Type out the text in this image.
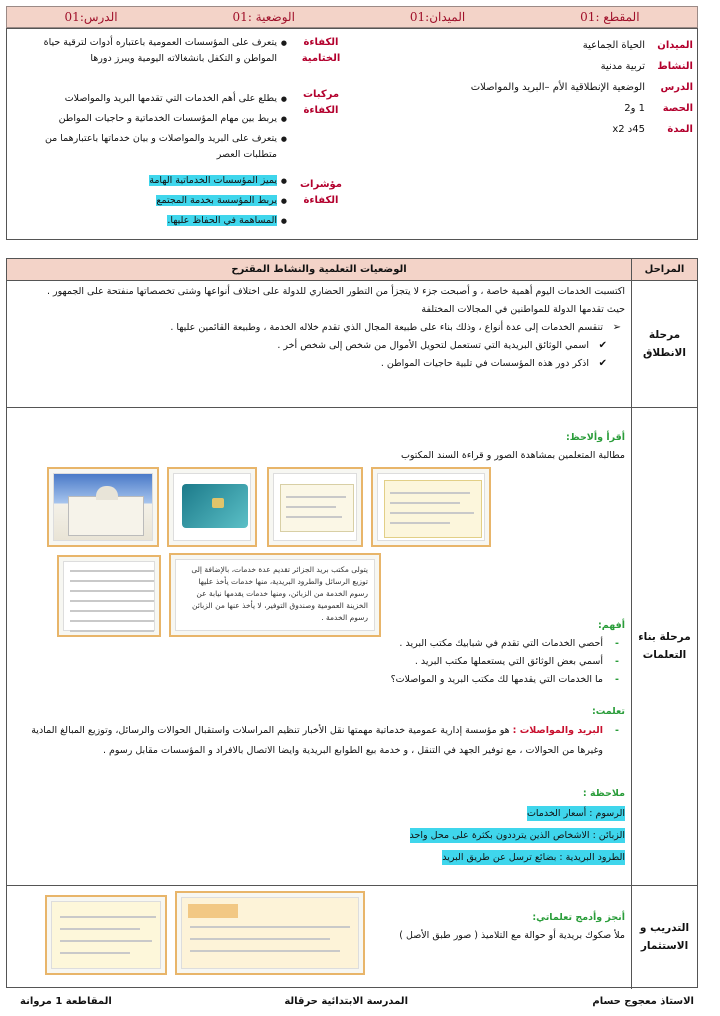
المقطع :01
الميدان:01
الوضعية :01
الدرس:01
الميدان
النشاط
الدرس
الحصة
المدة
الحياة الجماعية
تربية مدنية
الوضعية الإنطلاقية الأم –البريد والمواصلات
1 و2
45د x2
الكفاءة الختامية
مركبات الكفاءة
مؤشرات الكفاءة
● يتعرف على المؤسسات العمومية باعتباره أدوات لترقية حياة المواطن و التكفل بانشغالاته اليومية ويبرز دورها
● يطلع على أهم الخدمات التي تقدمها البريد والمواصلات
● يربط بين مهام المؤسسات الخدماتية و حاجيات المواطن
● يتعرف على البريد والمواصلات و بيان خدماتها باعتبارهما من متطلبات العصر
● يميز المؤسسات الخدماتية الهامة
● يربط المؤسسة بخدمة المجتمع
● المساهمة في الحفاظ عليها.
المراحل
الوضعيات التعلمية والنشاط المقترح
مرحلة الانطلاق
اكتسبت الخدمات اليوم أهمية خاصة ، و أصبحت جزء لا يتجزأ من التطور الحضاري للدولة على اختلاف أنواعها وشتى تخصصاتها منفتحة على الجمهور .
حيث تقدمها الدولة للمواطنين في المجالات المختلفة
➢ تنقسم الخدمات إلى عدة أنواع ، وذلك بناء على طبيعة المجال الذي تقدم خلاله الخدمة ، وطبيعة القائمين عليها .
✔ اسمي الوثائق البريدية التي تستعمل لتحويل الأموال من شخص إلى شخص أخر .
✔ اذكر دور هذه المؤسسات في تلبية حاجيات المواطن .
مرحلة بناء التعلمات
أقرأ وألاحظ:
مطالبة المتعلمين بمشاهدة الصور و قراءة السند المكتوب
يتولى مكتب بريد الجزائر تقديم عدة خدمات، بالإضافة إلى توزيع الرسائل والطرود البريدية، منها خدمات يأخذ عليها رسوم الخدمة من الزبائن، ومنها خدمات يقدمها نيابة عن الخزينة العمومية وصندوق التوفير، لا يأخذ عنها من الزبائن رسوم الخدمة .
أفهم:
- أحصي الخدمات التي تقدم في شبابيك مكتب البريد .
- أسمي بعض الوثائق التي يستعملها مكتب البريد .
- ما الخدمات التي يقدمها لك مكتب البريد و المواصلات؟
تعلمت:
- البريد والمواصلات : هو مؤسسة إدارية عمومية خدماتية مهمتها نقل الأخبار تنظيم المراسلات واستقبال الحوالات والرسائل، وتوزيع المبالغ المادية وغيرها من الحوالات ، مع توفير الجهد في التنقل ، و خدمة بيع الطوابع البريدية وايضا الاتصال بالافراد و المؤسسات مقابل رسوم .
ملاحظة :
الرسوم : أسعار الخدمات
الزبائن : الاشخاص الذين يترددون بكثرة على محل واحد
الطرود البريدية : بضائع ترسل عن طريق البريد
التدريب و الاستثمار
أنجز وأدمج تعلماتي:
ملأ صكوك بريدية أو حوالة مع التلاميذ ( صور طبق الأصل )
الاستاذ معجوج حسام
المدرسة الابتدائية حرقالة
المقاطعة 1 مروانة
